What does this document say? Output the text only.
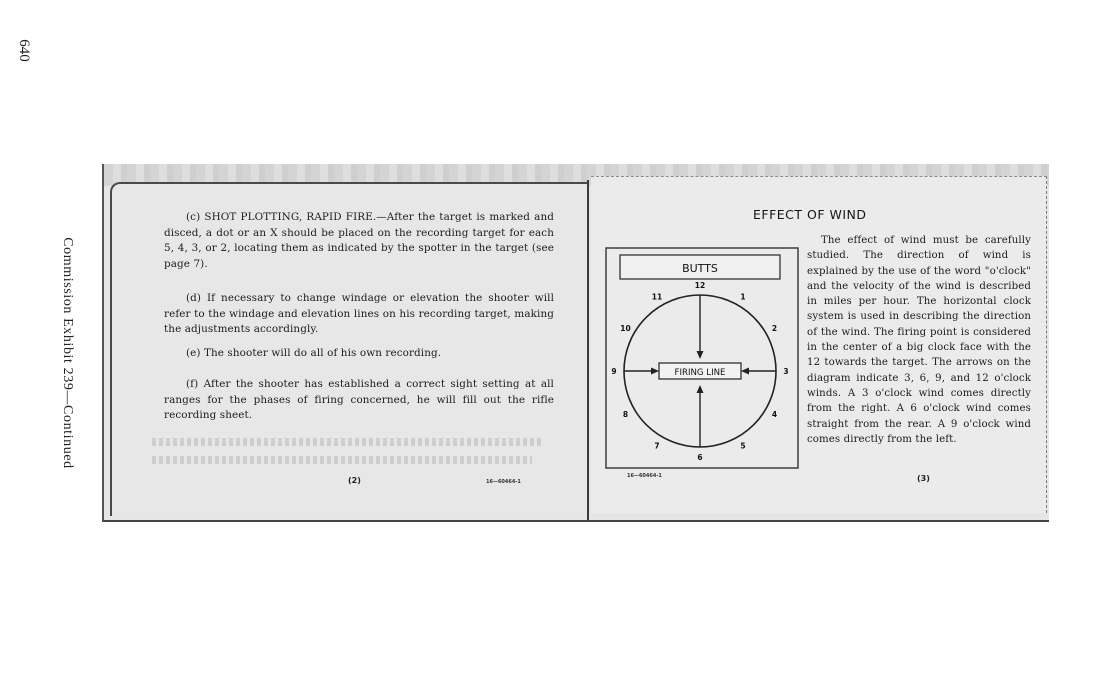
640
Commission Exhibit 239—Continued

(c) SHOT PLOTTING, RAPID FIRE.—After the target is marked and disced, a dot or an X should be placed on the recording target for each 5, 4, 3, or 2, locating them as indicated by the spotter in the target (see page 7).

(d) If necessary to change windage or elevation the shooter will refer to the windage and elevation lines on his recording target, making the adjustments accordingly.

(e) The shooter will do all of his own recording.

(f) After the shooter has established a correct sight setting at all ranges for the phases of firing concerned, he will fill out the rifle recording sheet.

(2)	16—60464-1
EFFECT OF WIND
BUTTS
FIRING LINE
12
1
2
3
4
5
6
7
8
9
10
11

The effect of wind must be carefully studied. The direction of wind is explained by the use of the word "o'clock" and the velocity of the wind is described in miles per hour. The horizontal clock system is used in describing the direction of the wind. The firing point is considered in the center of a big clock face with the 12 towards the target. The arrows on the diagram indicate 3, 6, 9, and 12 o'clock winds. A 3 o'clock wind comes directly from the right. A 6 o'clock wind comes straight from the rear. A 9 o'clock wind comes directly from the left.

(3)
16—60464-1
